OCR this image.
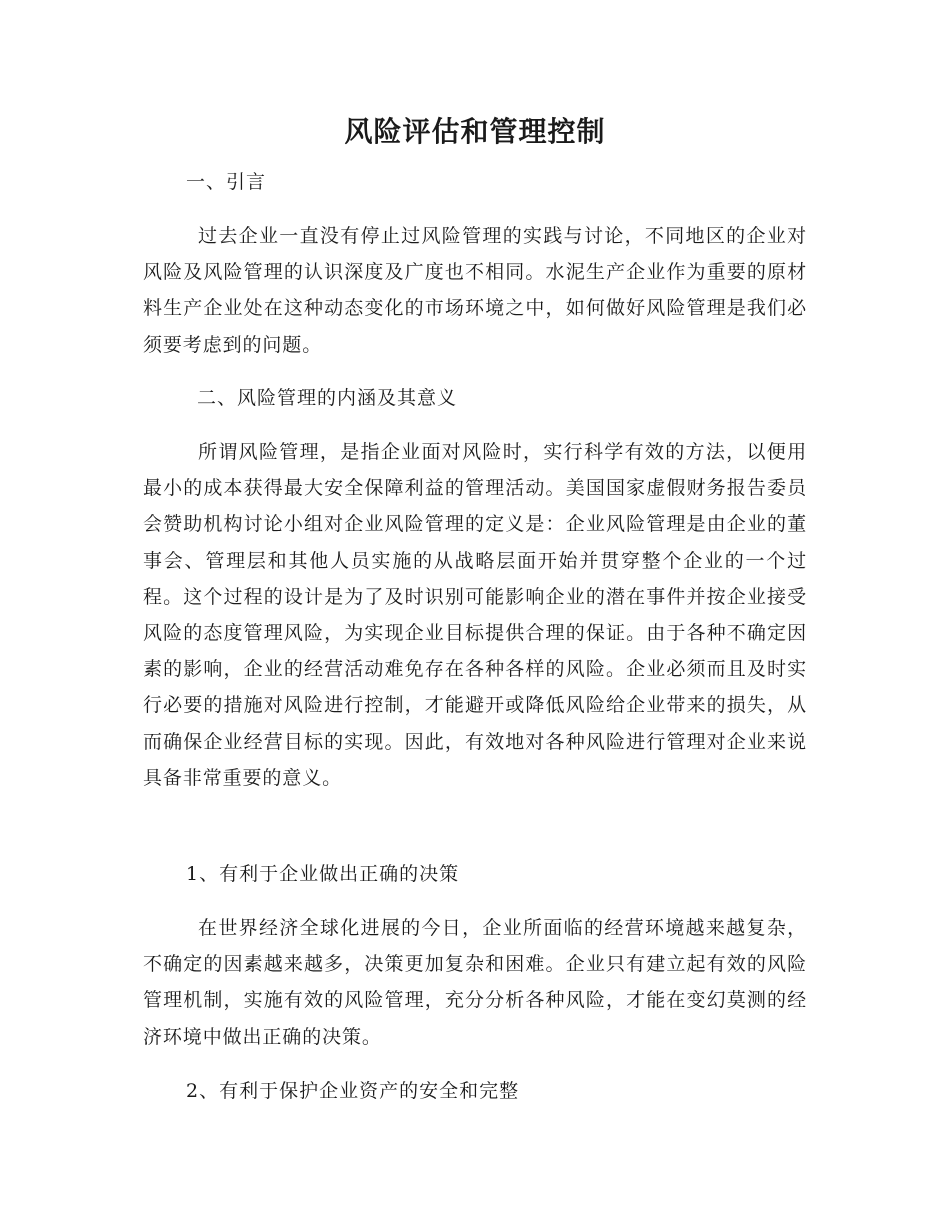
风险评估和管理控制
一、引言

过去企业一直没有停止过风险管理的实践与讨论，不同地区的企业对风险及风险管理的认识深度及广度也不相同。水泥生产企业作为重要的原材料生产企业处在这种动态变化的市场环境之中，如何做好风险管理是我们必须要考虑到的问题。

二、风险管理的内涵及其意义

所谓风险管理，是指企业面对风险时，实行科学有效的方法，以便用最小的成本获得最大安全保障利益的管理活动。美国国家虚假财务报告委员会赞助机构讨论小组对企业风险管理的定义是：企业风险管理是由企业的董事会、管理层和其他人员实施的从战略层面开始并贯穿整个企业的一个过程。这个过程的设计是为了及时识别可能影响企业的潜在事件并按企业接受风险的态度管理风险，为实现企业目标提供合理的保证。由于各种不确定因素的影响，企业的经营活动难免存在各种各样的风险。企业必须而且及时实行必要的措施对风险进行控制，才能避开或降低风险给企业带来的损失，从而确保企业经营目标的实现。因此，有效地对各种风险进行管理对企业来说具备非常重要的意义。

1、有利于企业做出正确的决策

在世界经济全球化进展的今日，企业所面临的经营环境越来越复杂，不确定的因素越来越多，决策更加复杂和困难。企业只有建立起有效的风险管理机制，实施有效的风险管理，充分分析各种风险，才能在变幻莫测的经济环境中做出正确的决策。

2、有利于保护企业资产的安全和完整
